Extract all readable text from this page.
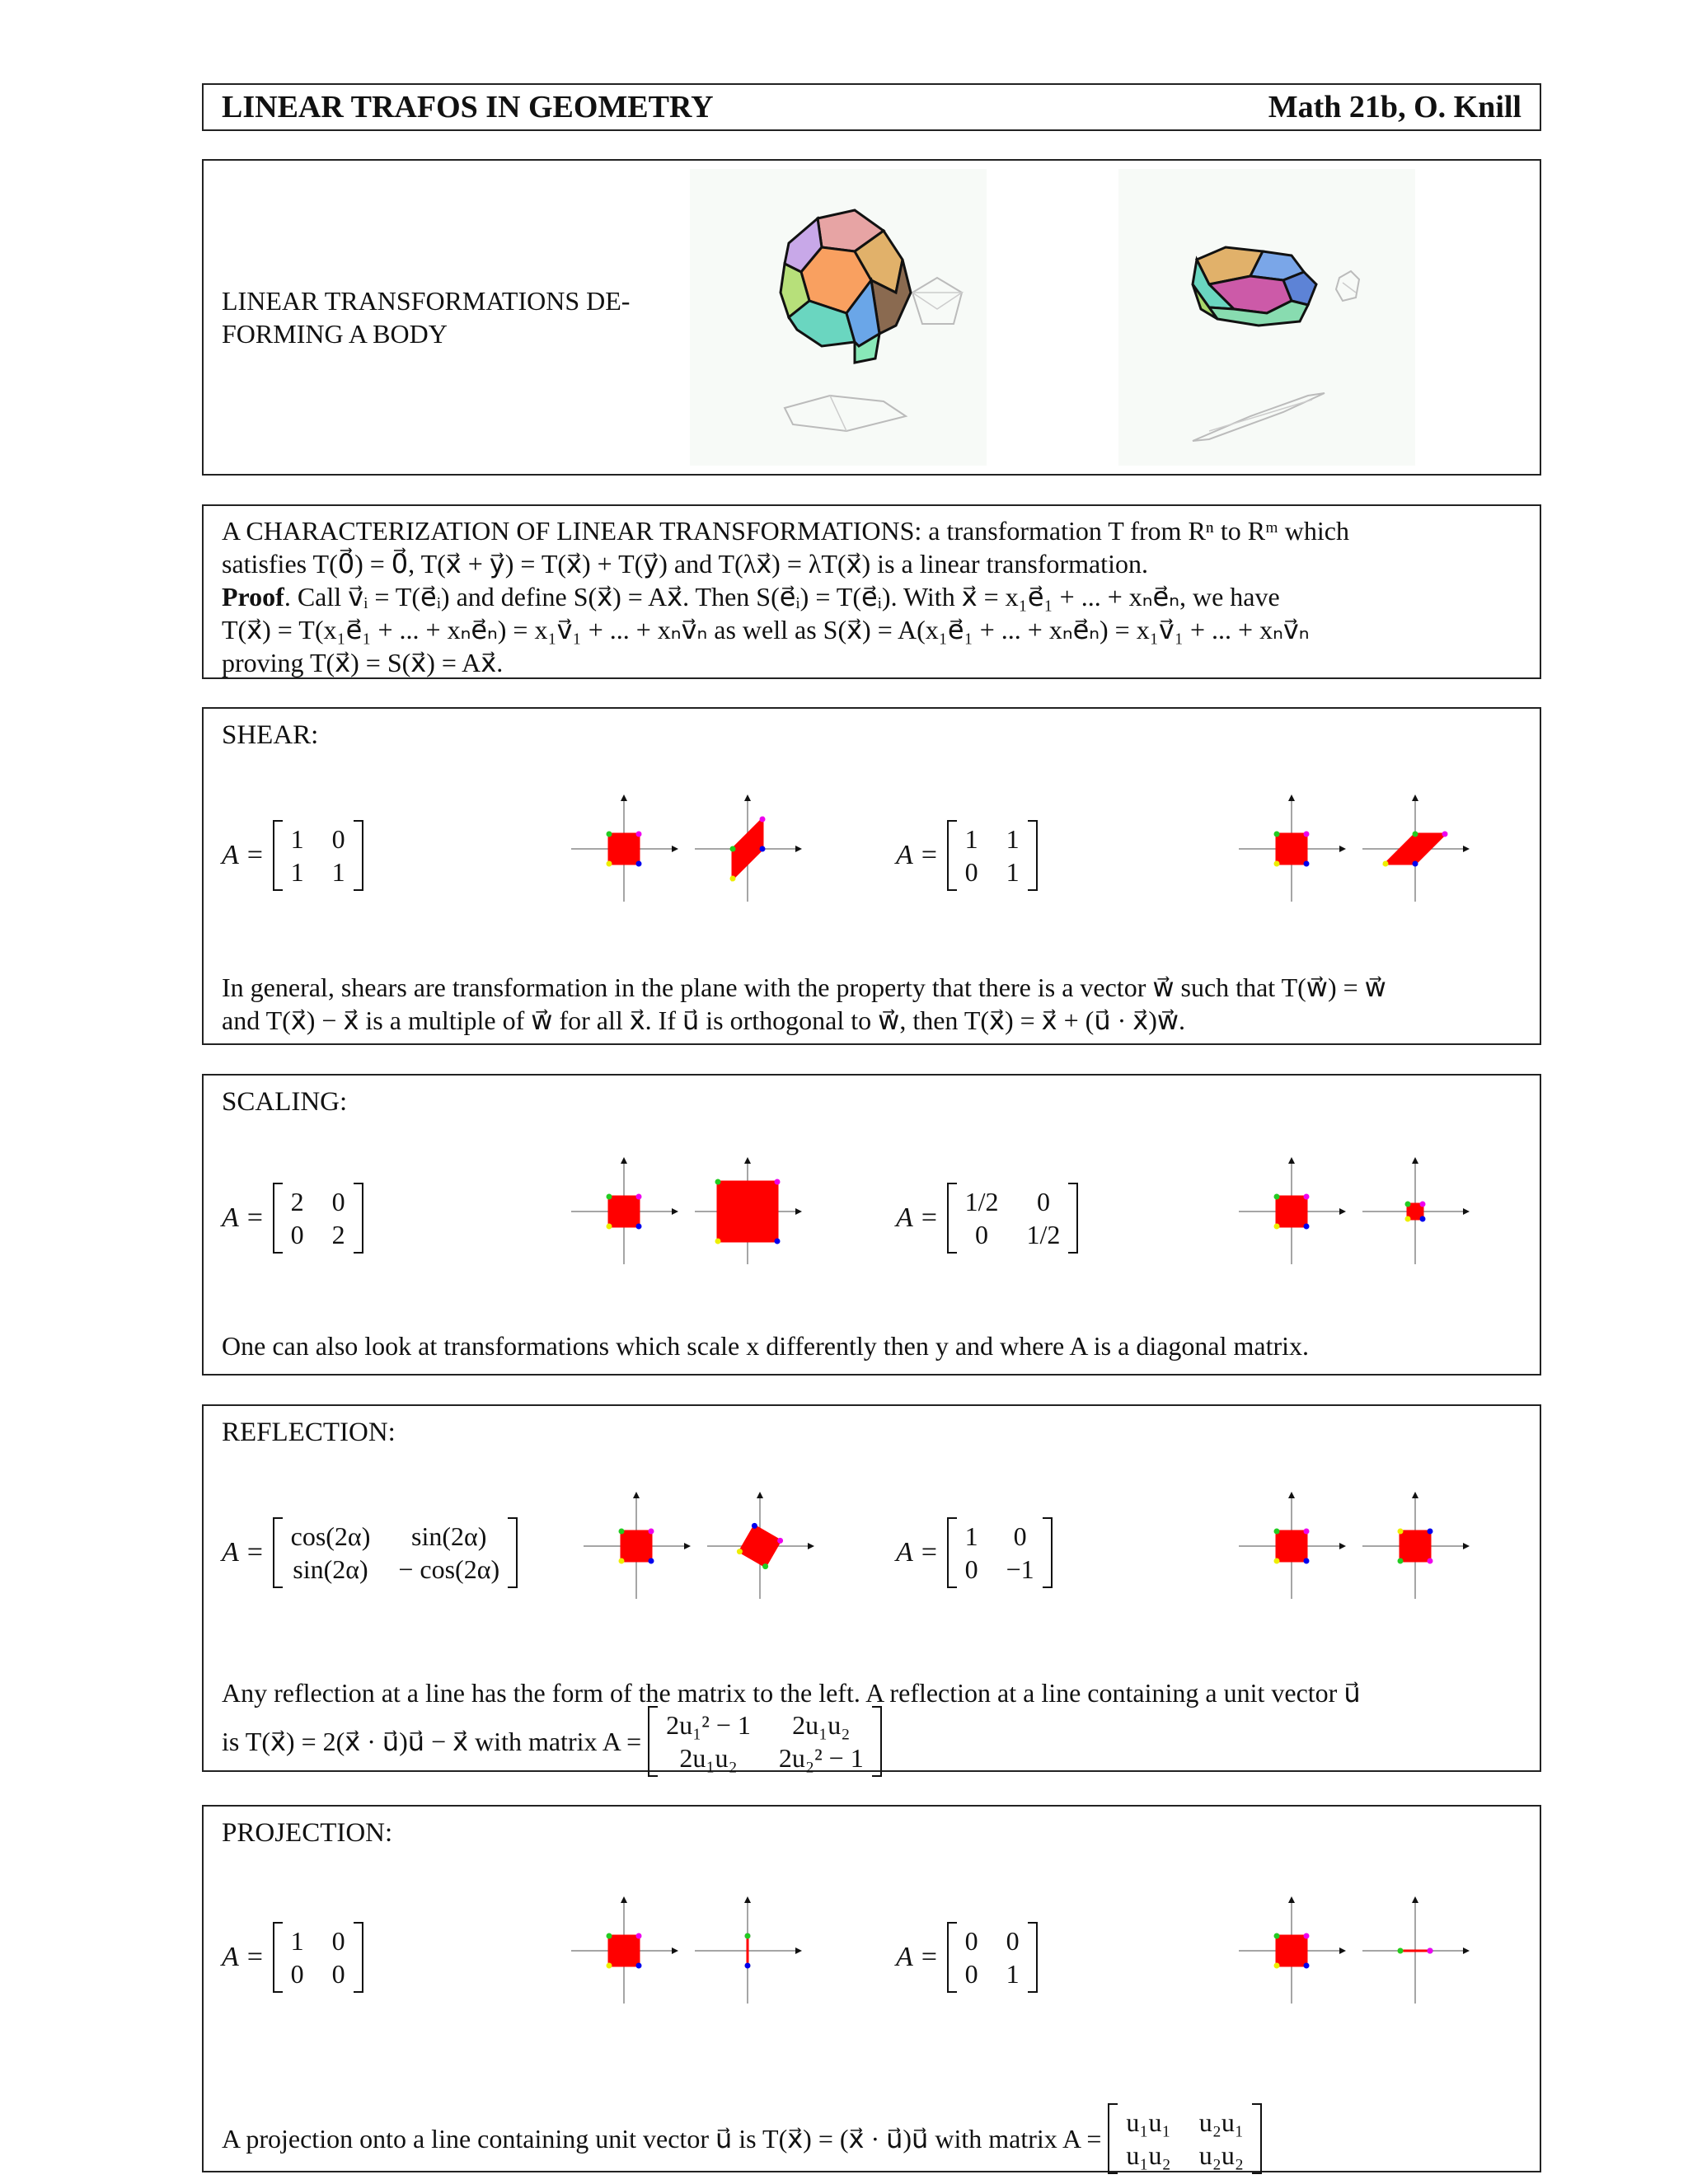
LINEAR TRAFOS IN GEOMETRY	Math 21b, O. Knill
LINEAR TRANSFORMATIONS DE-
FORMING A BODY
A CHARACTERIZATION OF LINEAR TRANSFORMATIONS: a transformation T from Rⁿ to Rᵐ which
satisfies T(0⃗) = 0⃗, T(x⃗ + y⃗) = T(x⃗) + T(y⃗) and T(λx⃗) = λT(x⃗) is a linear transformation.
Proof. Call v⃗ᵢ = T(e⃗ᵢ) and define S(x⃗) = Ax⃗. Then S(e⃗ᵢ) = T(e⃗ᵢ). With x⃗ = x₁e⃗₁ + ... + xₙe⃗ₙ, we have
T(x⃗) = T(x₁e⃗₁ + ... + xₙe⃗ₙ) = x₁v⃗₁ + ... + xₙv⃗ₙ as well as S(x⃗) = A(x₁e⃗₁ + ... + xₙe⃗ₙ) = x₁v⃗₁ + ... + xₙv⃗ₙ
proving T(x⃗) = S(x⃗) = Ax⃗.
SHEAR:
A =
1 0
1 1
A =
1 1
0 1
In general, shears are transformation in the plane with the property that there is a vector w⃗ such that T(w⃗) = w⃗
and T(x⃗) − x⃗ is a multiple of w⃗ for all x⃗. If u⃗ is orthogonal to w⃗, then T(x⃗) = x⃗ + (u⃗ · x⃗)w⃗.
SCALING:
A =
2 0
0 2
A =
1/2	0
0	1/2
One can also look at transformations which scale x differently then y and where A is a diagonal matrix.
REFLECTION:
A =
cos(2α)	sin(2α)
sin(2α) − cos(2α)
A =
1 0
0 −1
Any reflection at a line has the form of the matrix to the left. A reflection at a line containing a unit vector u⃗
is T(x⃗) = 2(x⃗ · u⃗)u⃗ − x⃗ with matrix A =
2u₁² − 1	2u₁u₂
2u₁u₂	2u₂² − 1
PROJECTION:
A =
1 0
0 0
A =
0 0
0 1
A projection onto a line containing unit vector u⃗ is T(x⃗) = (x⃗ · u⃗)u⃗ with matrix A =
u₁u₁ u₂u₁
u₁u₂ u₂u₂
